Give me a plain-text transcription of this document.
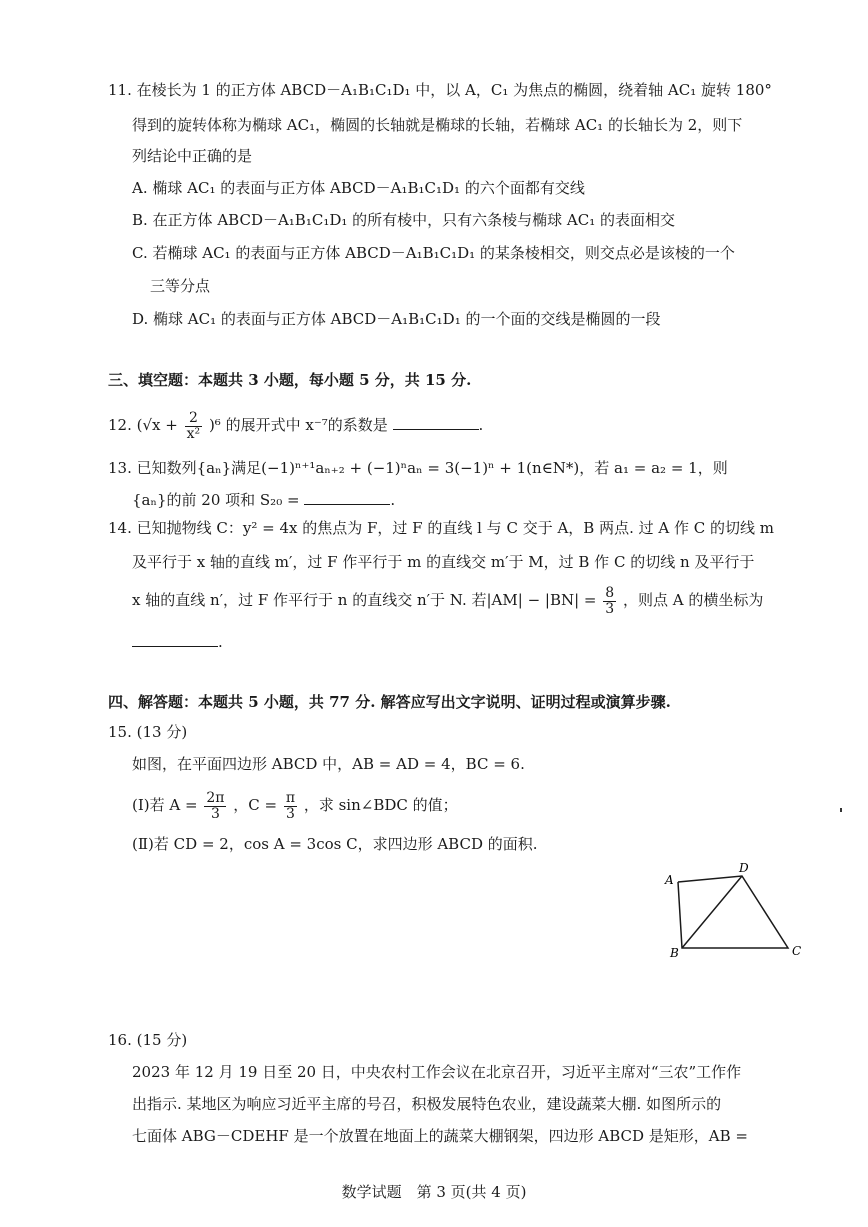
11. 在棱长为 1 的正方体 ABCD－A₁B₁C₁D₁ 中，以 A，C₁ 为焦点的椭圆，绕着轴 AC₁ 旋转 180°
得到的旋转体称为椭球 AC₁，椭圆的长轴就是椭球的长轴，若椭球 AC₁ 的长轴长为 2，则下
列结论中正确的是
A. 椭球 AC₁ 的表面与正方体 ABCD－A₁B₁C₁D₁ 的六个面都有交线
B. 在正方体 ABCD－A₁B₁C₁D₁ 的所有棱中，只有六条棱与椭球 AC₁ 的表面相交
C. 若椭球 AC₁ 的表面与正方体 ABCD－A₁B₁C₁D₁ 的某条棱相交，则交点必是该棱的一个
三等分点
D. 椭球 AC₁ 的表面与正方体 ABCD－A₁B₁C₁D₁ 的一个面的交线是椭圆的一段
三、填空题：本题共 3 小题，每小题 5 分，共 15 分.
12. $(√x + \frac{2}{\text{x²}} )^6$ 的展开式中 x⁻⁷的系数是	.
13. 已知数列{aₙ}满足(−1)ⁿ⁺¹aₙ₊₂ + (−1)ⁿaₙ = 3(−1)ⁿ + 1(n∈N*)，若 a₁ = a₂ = 1，则
{aₙ}的前 20 项和 S₂₀ =	.
14. 已知抛物线 C：y² = 4x 的焦点为 F，过 F 的直线 l 与 C 交于 A，B 两点. 过 A 作 C 的切线 m
及平行于 x 轴的直线 m′，过 F 作平行于 m 的直线交 m′于 M，过 B 作 C 的切线 n 及平行于
x 轴的直线 n′，过 F 作平行于 n 的直线交 n′于 N. 若$|AM| - |BN| = \frac{8}{3}$ ，则点 A 的横坐标为
.
四、解答题：本题共 5 小题，共 77 分. 解答应写出文字说明、证明过程或演算步骤.
15. (13 分)
如图，在平面四边形 ABCD 中，AB = AD = 4，BC = 6.
(Ⅰ)若 $A = \frac{2\pi}{3}$ ，$C = \frac{\pi}{3}$ ，求 sin∠BDC 的值；
(Ⅱ)若 CD = 2，cos A = 3cos C，求四边形 ABCD 的面积.
A
B	C
D
16. (15 分)
2023 年 12 月 19 日至 20 日，中央农村工作会议在北京召开，习近平主席对“三农”工作作
出指示. 某地区为响应习近平主席的号召，积极发展特色农业，建设蔬菜大棚. 如图所示的
七面体 ABG－CDEHF 是一个放置在地面上的蔬菜大棚钢架，四边形 ABCD 是矩形，AB =
数学试题　第 3 页(共 4 页)
